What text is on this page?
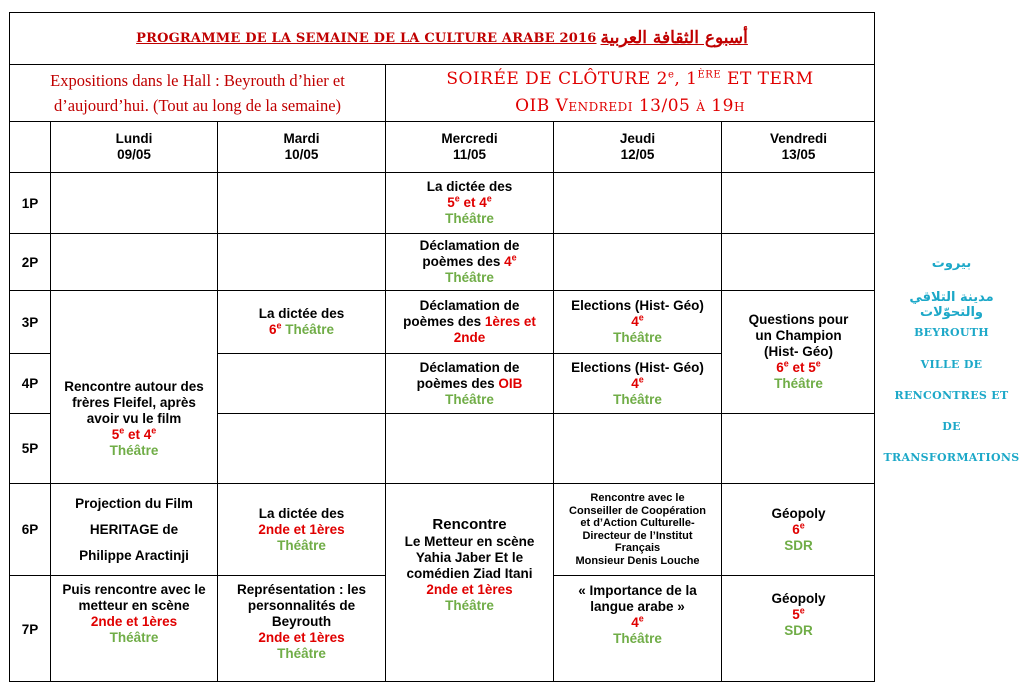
PROGRAMME DE LA SEMAINE DE LA CULTURE ARABE 2016 أسبوع الثقافة العربية
Expositions dans le Hall : Beyrouth d’hier et d’aujourd’hui. (Tout au long de la semaine)
SOIRÉE DE CLÔTURE 2e, 1ÈRE ET TERM
OIB Vendredi 13/05 à 19h
Lundi
09/05
Mardi
10/05
Mercredi
11/05
Jeudi
12/05
Vendredi
13/05
1P
2P
3P
4P
5P
6P
7P
La dictée des
5e et 4e
Théâtre
Déclamation de
poèmes des 4e
Théâtre
La dictée des
6e Théâtre
Déclamation de
poèmes des 1ères et
2nde
Elections (Hist- Géo)
4e
Théâtre
Questions pour
un Champion
(Hist- Géo)
6e et 5e
Théâtre
Déclamation de
poèmes des OIB
Théâtre
Elections (Hist- Géo)
4e
Théâtre
Rencontre autour des
frères Fleifel, après
avoir vu le film
5e et 4e
Théâtre
Projection du Film
HERITAGE de
Philippe Aractinji
La dictée des
2nde et 1ères
Théâtre
Rencontre
Le Metteur en scène
Yahia Jaber Et le
comédien Ziad Itani
2nde et 1ères
Théâtre
Rencontre avec le
Conseiller de Coopération
et d’Action Culturelle-
Directeur de l’Institut
Français
Monsieur Denis Louche
Géopoly
6e
SDR
Puis rencontre avec le
metteur en scène
2nde et 1ères
Théâtre
Représentation : les
personnalités de
Beyrouth
2nde et 1ères
Théâtre
« Importance de la
langue arabe »
4e
Théâtre
Géopoly
5e
SDR
بيروت
مدينة التلاقي والتحوّلات
BEYROUTH
VILLE DE
RENCONTRES ET
DE
TRANSFORMATIONS
